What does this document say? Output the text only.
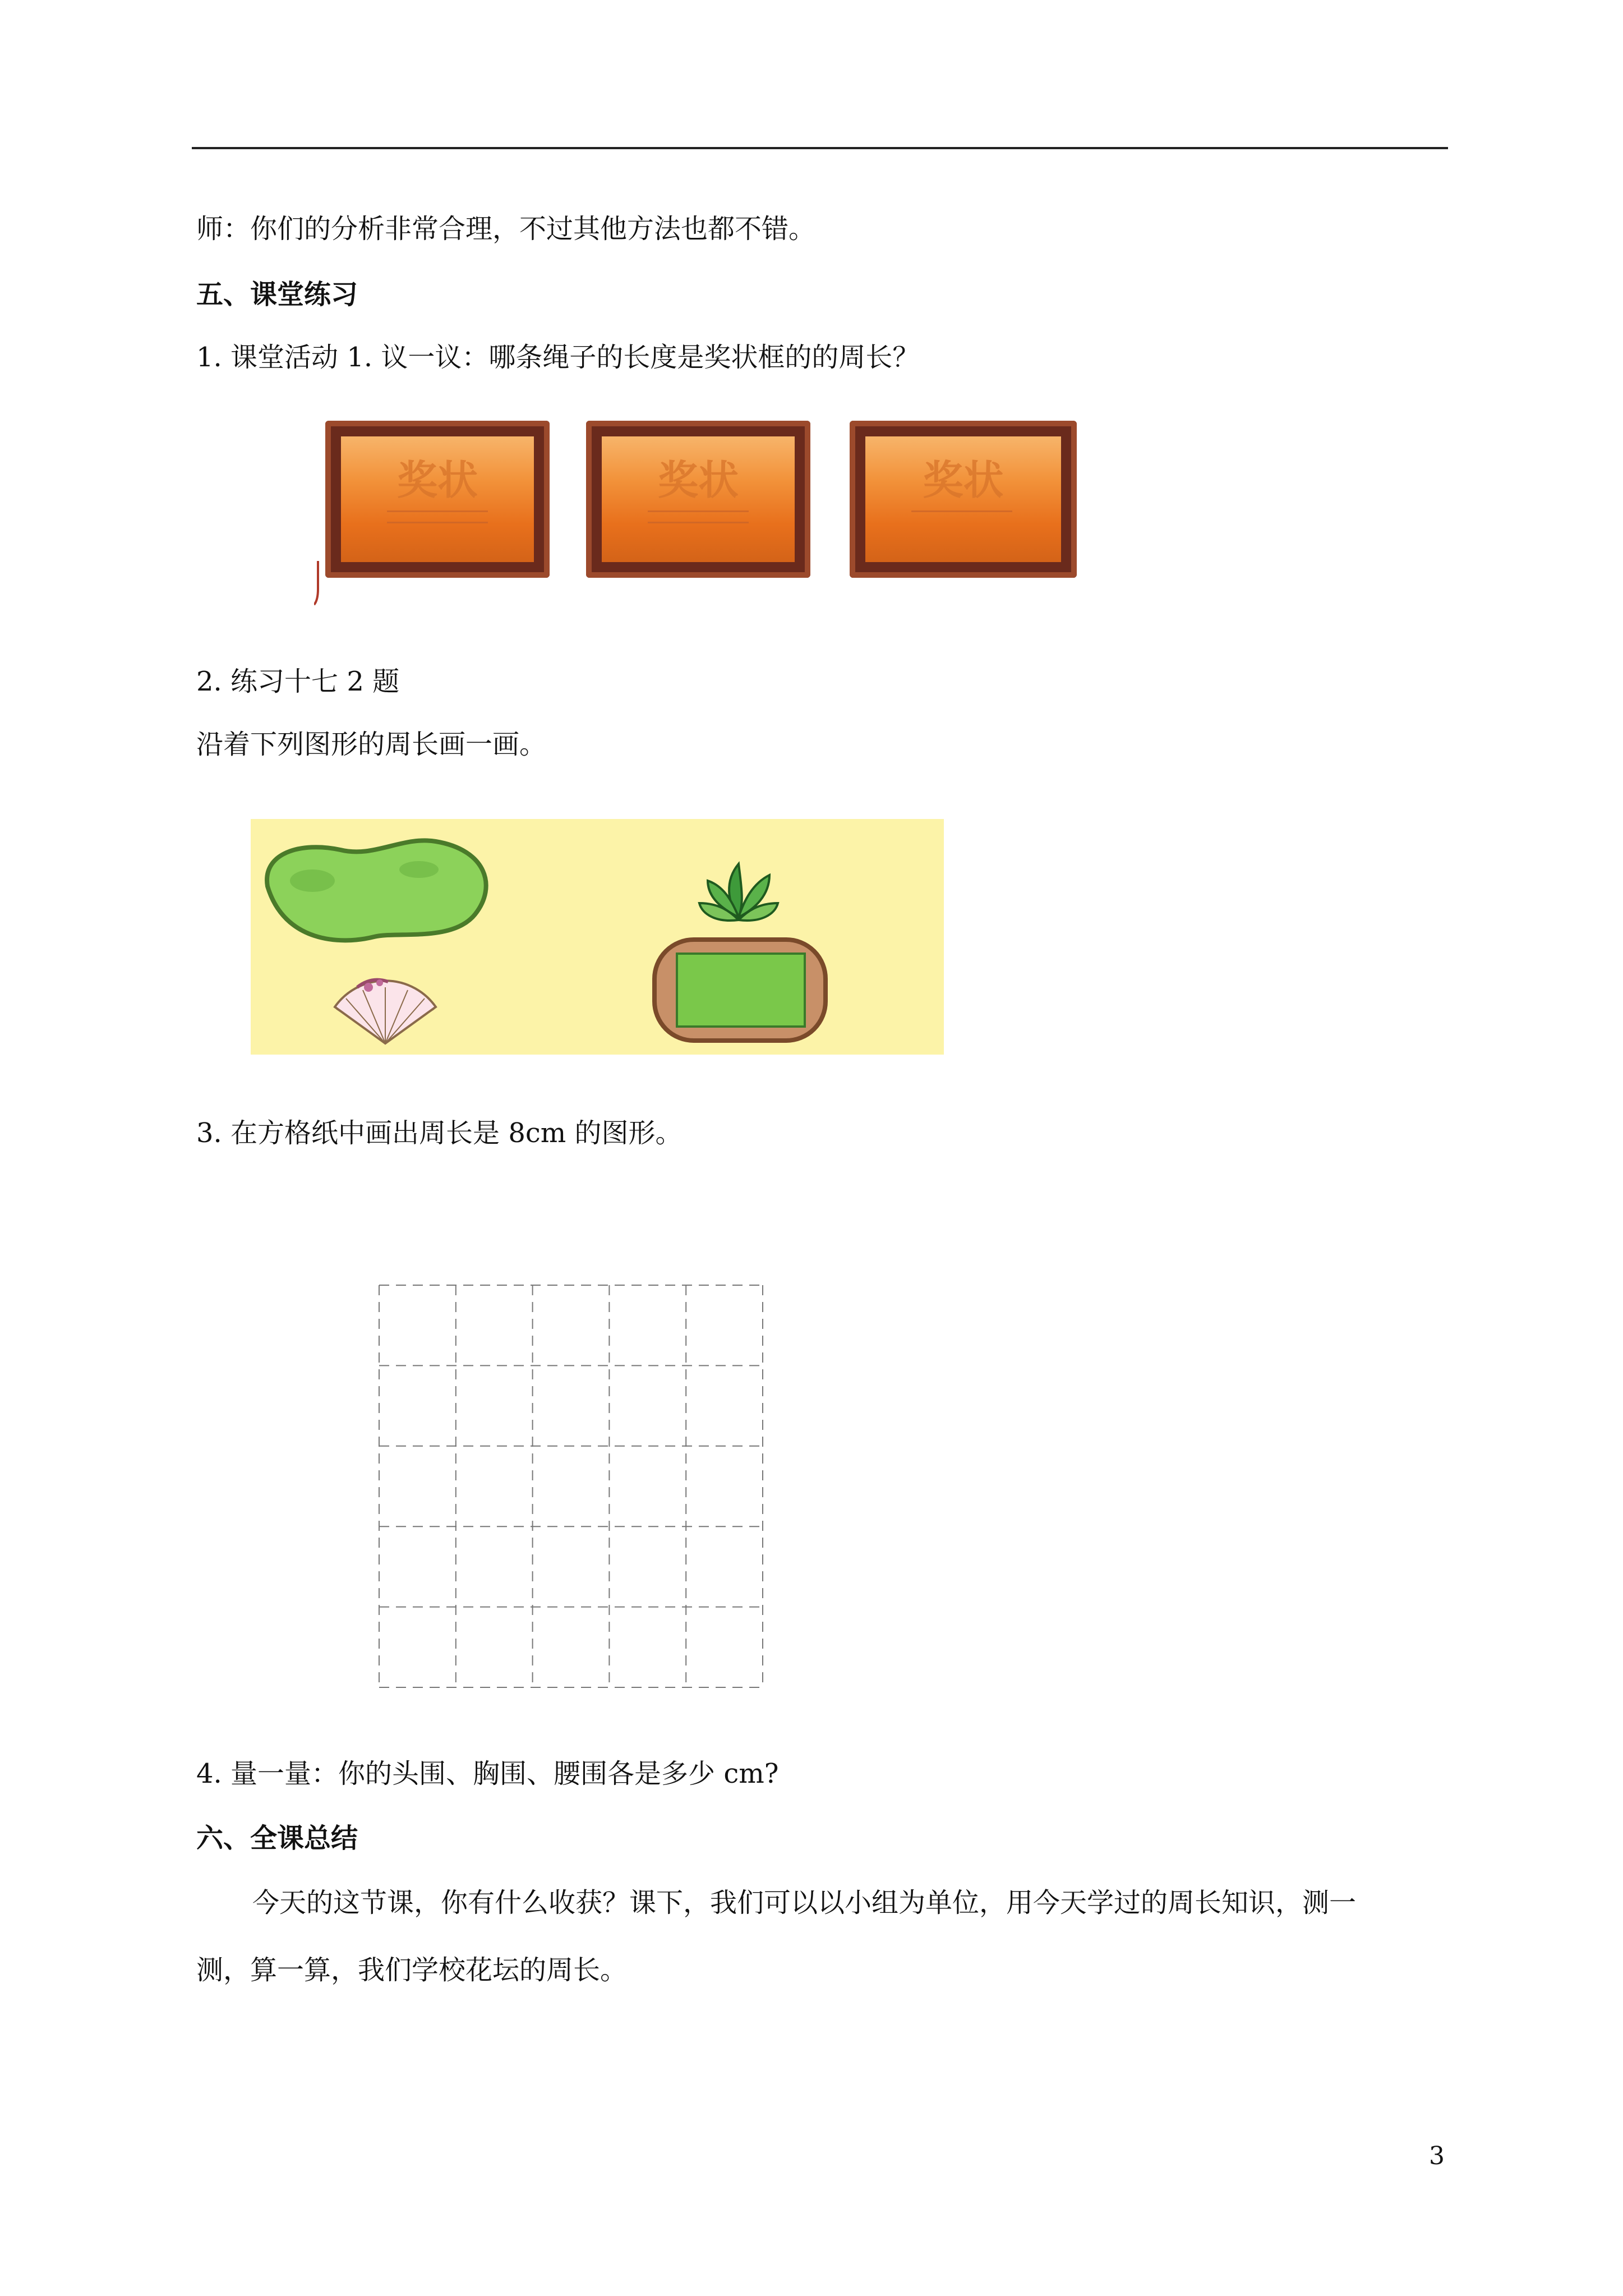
师：你们的分析非常合理，不过其他方法也都不错。
五、课堂练习
1. 课堂活动 1. 议一议：哪条绳子的长度是奖状框的的周长？
奖状	奖状	奖状
2. 练习十七 2 题
沿着下列图形的周长画一画。
3. 在方格纸中画出周长是 8cm 的图形。
4. 量一量：你的头围、胸围、腰围各是多少 cm?
六、全课总结
今天的这节课，你有什么收获？课下，我们可以以小组为单位，用今天学过的周长知识，测一
测，算一算，我们学校花坛的周长。
3
